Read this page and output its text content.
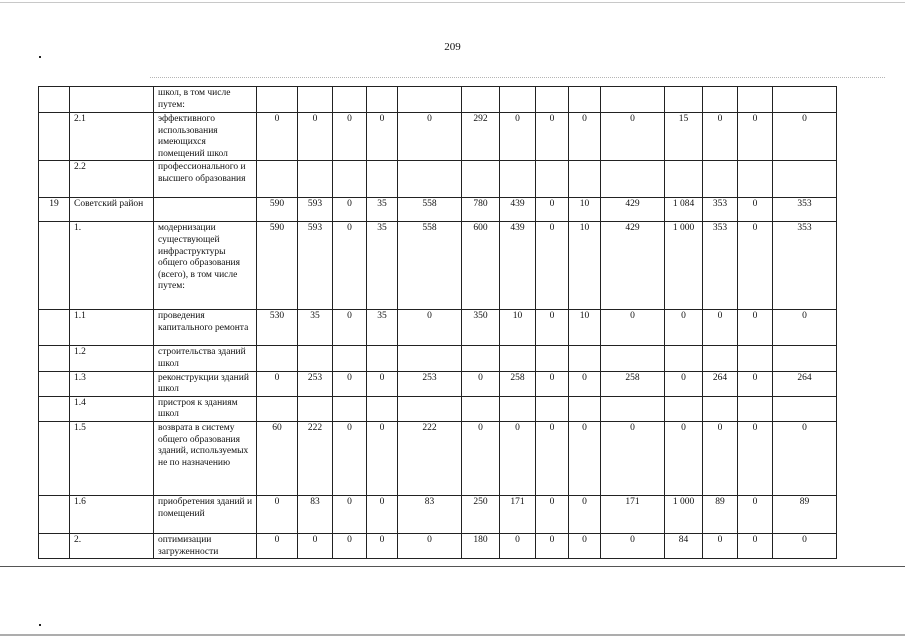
209
		школ, в том числе путем:														
	2.1	эффективного использования имеющихся помещений школ	0	0	0	0	0	292	0	0	0	0	15	0	0	0
	2.2	профессионального и высшего образования														
19	Советский район		590	593	0	35	558	780	439	0	10	429	1 084	353	0	353
	1.	модернизации существующей инфраструктуры общего образования (всего), в том числе путем:	590	593	0	35	558	600	439	0	10	429	1 000	353	0	353
	1.1	проведения капитального ремонта	530	35	0	35	0	350	10	0	10	0	0	0	0	0
	1.2	строительства зданий школ														
	1.3	реконструкции зданий школ	0	253	0	0	253	0	258	0	0	258	0	264	0	264
	1.4	пристроя к зданиям школ														
	1.5	возврата в систему общего образования зданий, используемых не по назначению	60	222	0	0	222	0	0	0	0	0	0	0	0	0
	1.6	приобретения зданий и помещений	0	83	0	0	83	250	171	0	0	171	1 000	89	0	89
	2.	оптимизации загруженности	0	0	0	0	0	180	0	0	0	0	84	0	0	0
